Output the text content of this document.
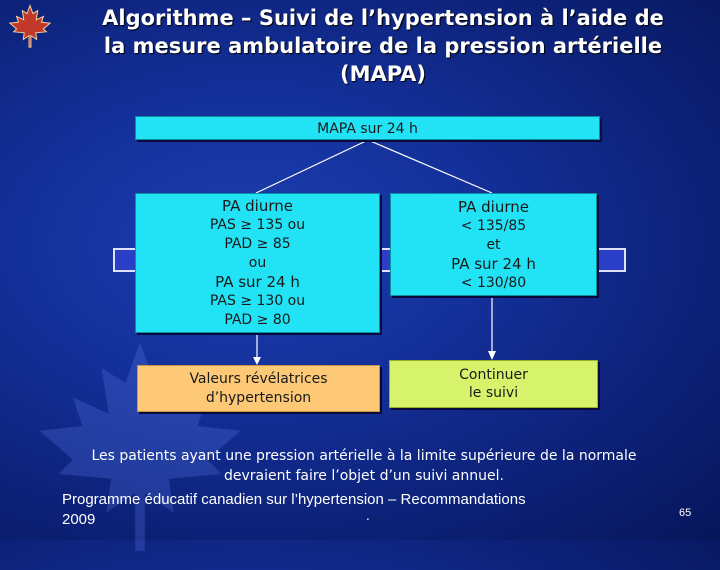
Algorithme – Suivi de l’hypertension à l’aide de
la mesure ambulatoire de la pression artérielle
(MAPA)
MAPA sur 24 h
PA diurne
PAS ≥ 135 ou
PAD ≥ 85
ou
PA sur 24 h
PAS ≥ 130 ou
PAD ≥ 80
PA diurne
< 135/85
et
PA sur 24 h
< 130/80
Valeurs révélatrices
d’hypertension
Continuer
le suivi
Les patients ayant une pression artérielle à la limite supérieure de la normale
devraient faire l’objet d’un suivi annuel.
Programme éducatif canadien sur l’hypertension – Recommandations
2009	.	65
